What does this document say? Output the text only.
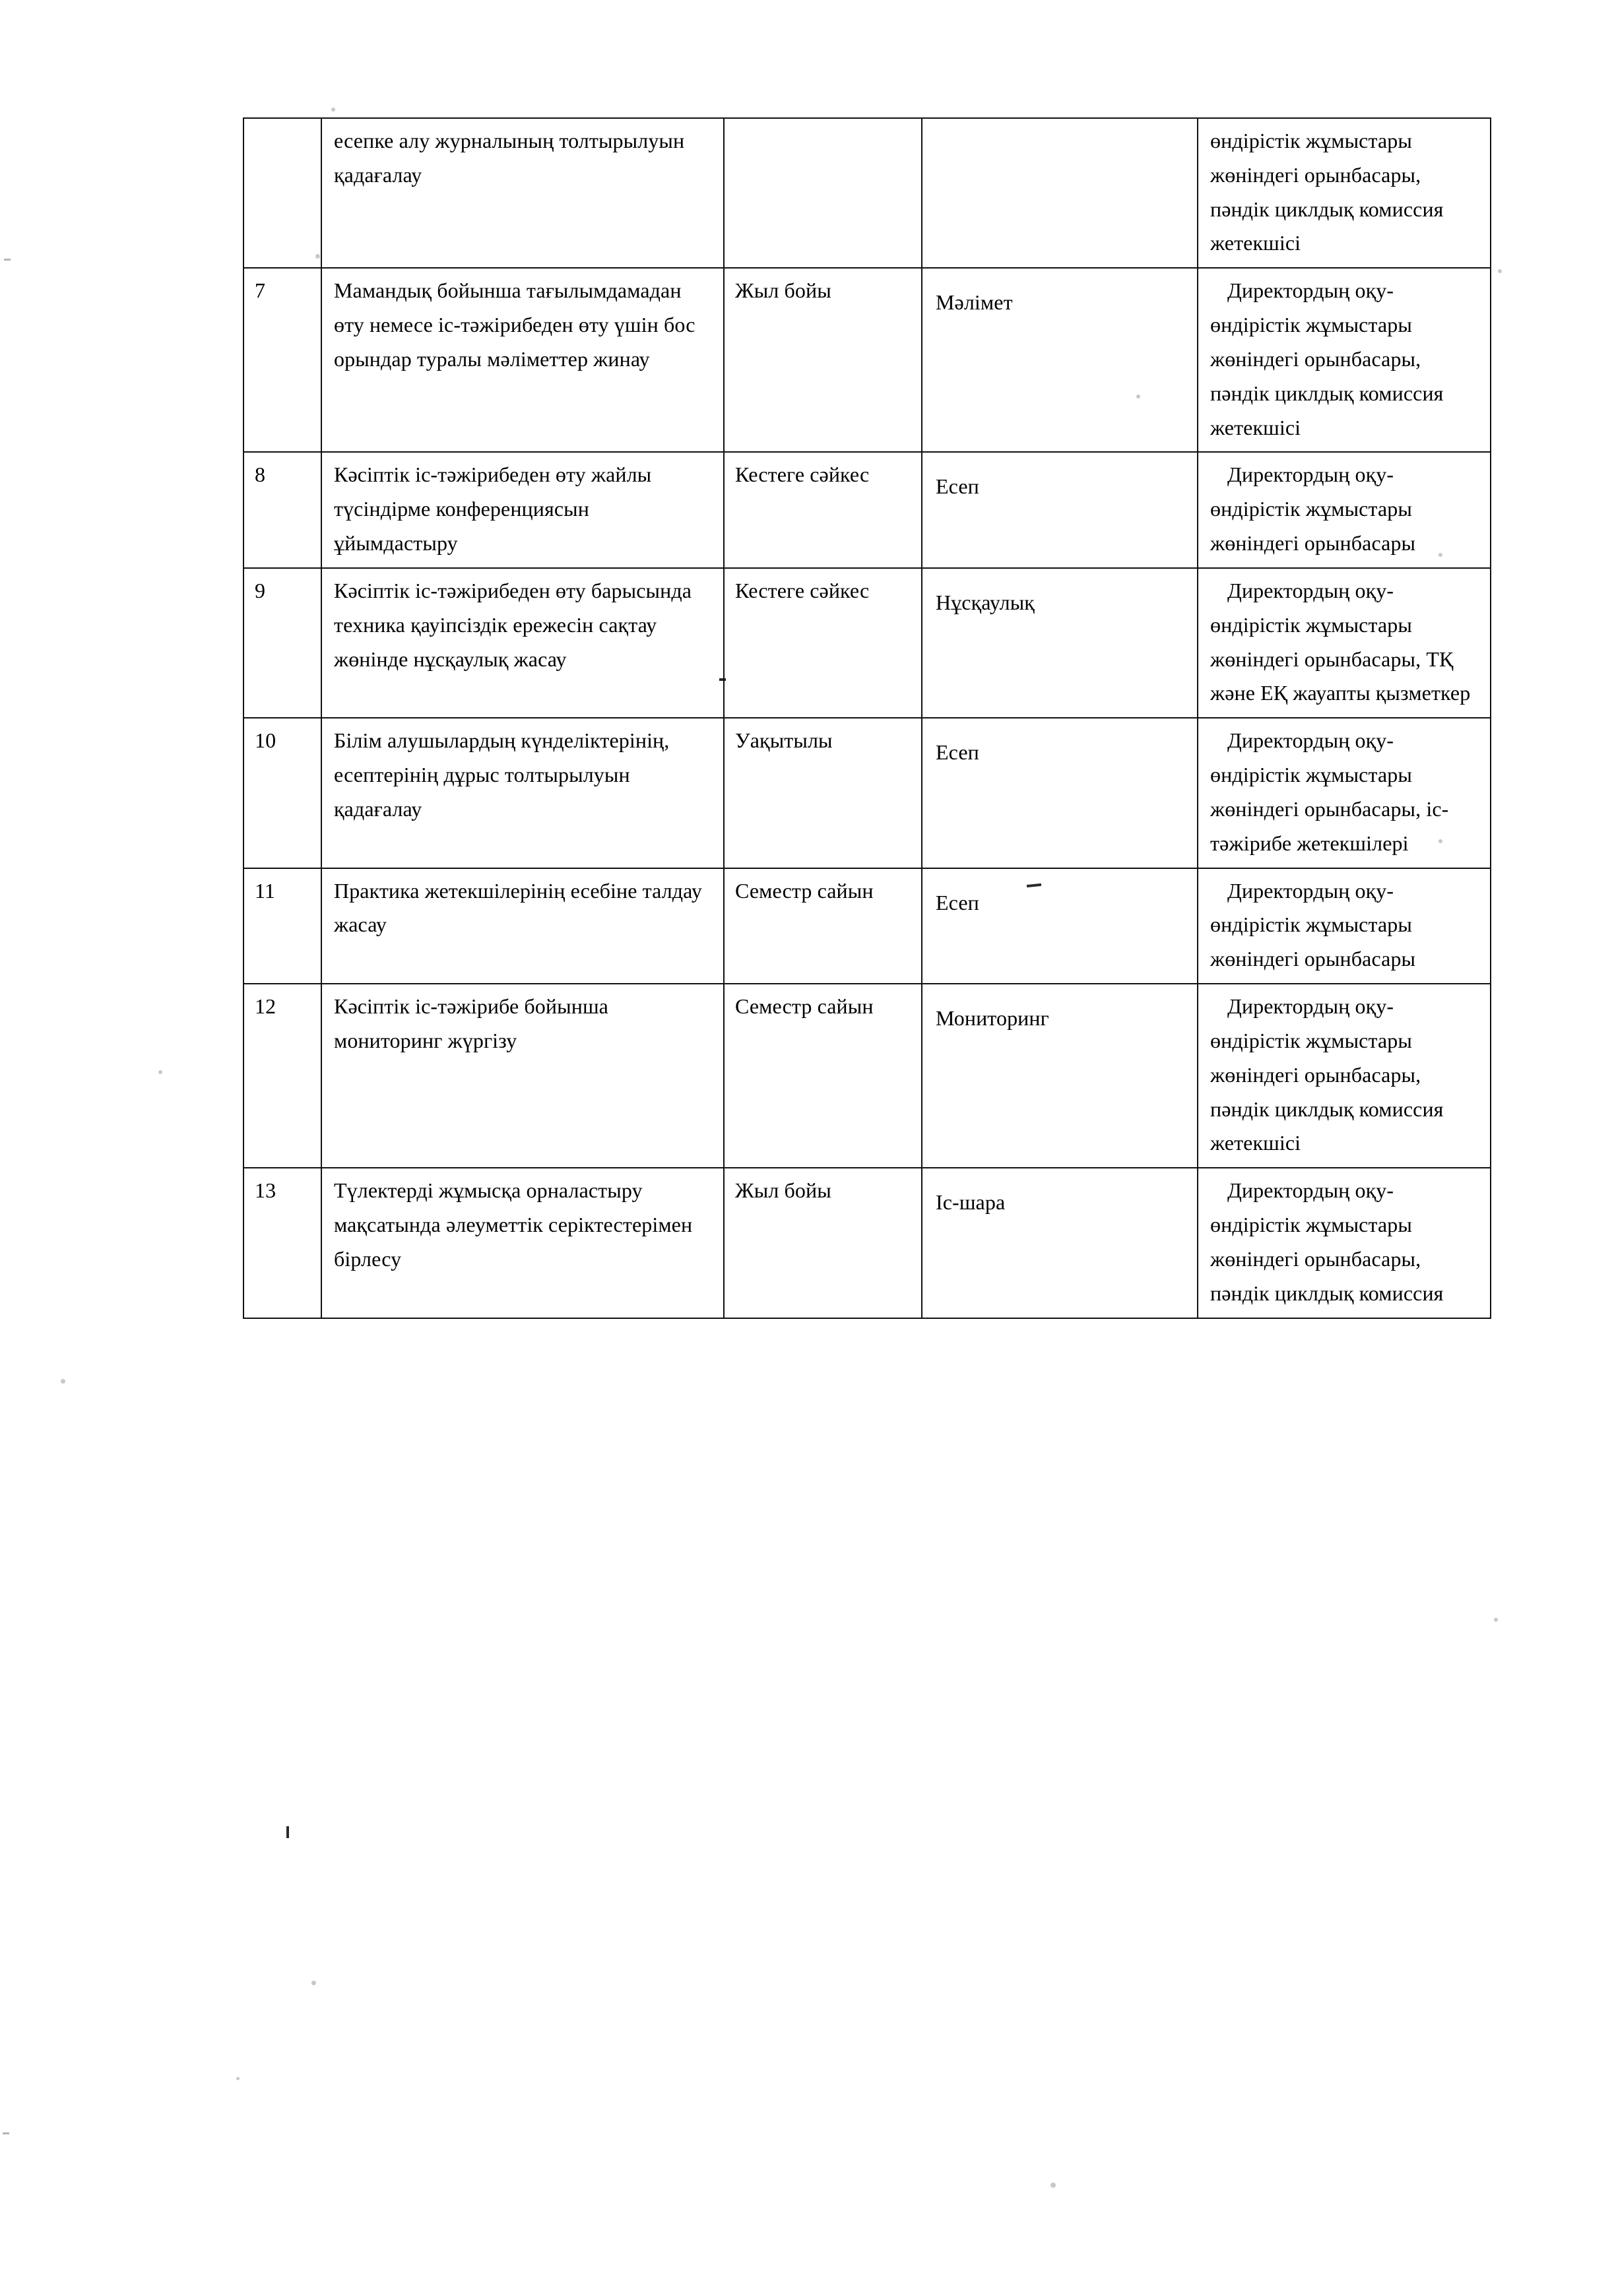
	есепке алу журналының толтырылуын қадағалау			өндірістік жұмыстары жөніндегі орынбасары, пәндік циклдық комиссия жетекшісі
7	Мамандық бойынша тағылымдамадан өту немесе іс-тәжірибеден өту үшін бос орындар туралы мәліметтер жинау	Жыл бойы	Мәлімет	Директордың оқу-өндірістік жұмыстары жөніндегі орынбасары, пәндік циклдық комиссия жетекшісі

8	Кәсіптік іс-тәжірибеден өту жайлы түсіндірме конференциясын ұйымдастыру	Кестеге сәйкес	Есеп	Директордың оқу-өндірістік жұмыстары жөніндегі орынбасары

9	Кәсіптік іс-тәжірибеден өту барысында техника қауіпсіздік ережесін сақтау жөнінде нұсқаулық жасау	Кестеге сәйкес	Нұсқаулық	Директордың оқу-өндірістік жұмыстары жөніндегі орынбасары, ТҚ және ЕҚ жауапты қызметкер

10	Білім алушылардың күнделіктерінің, есептерінің дұрыс толтырылуын қадағалау	Уақытылы	Есеп	Директордың оқу-өндірістік жұмыстары жөніндегі орынбасары, іс-тәжірибе жетекшілері

11	Практика жетекшілерінің есебіне талдау жасау	Семестр сайын	Есеп	Директордың оқу-өндірістік жұмыстары жөніндегі орынбасары

12	Кәсіптік іс-тәжірибе бойынша мониторинг жүргізу	Семестр сайын	Мониторинг	Директордың оқу-өндірістік жұмыстары жөніндегі орынбасары, пәндік циклдық комиссия жетекшісі

13	Түлектерді жұмысқа орналастыру мақсатында әлеуметтік серіктестерімен бірлесу	Жыл бойы	Іс-шара	Директордың оқу-өндірістік жұмыстары жөніндегі орынбасары, пәндік циклдық комиссия
